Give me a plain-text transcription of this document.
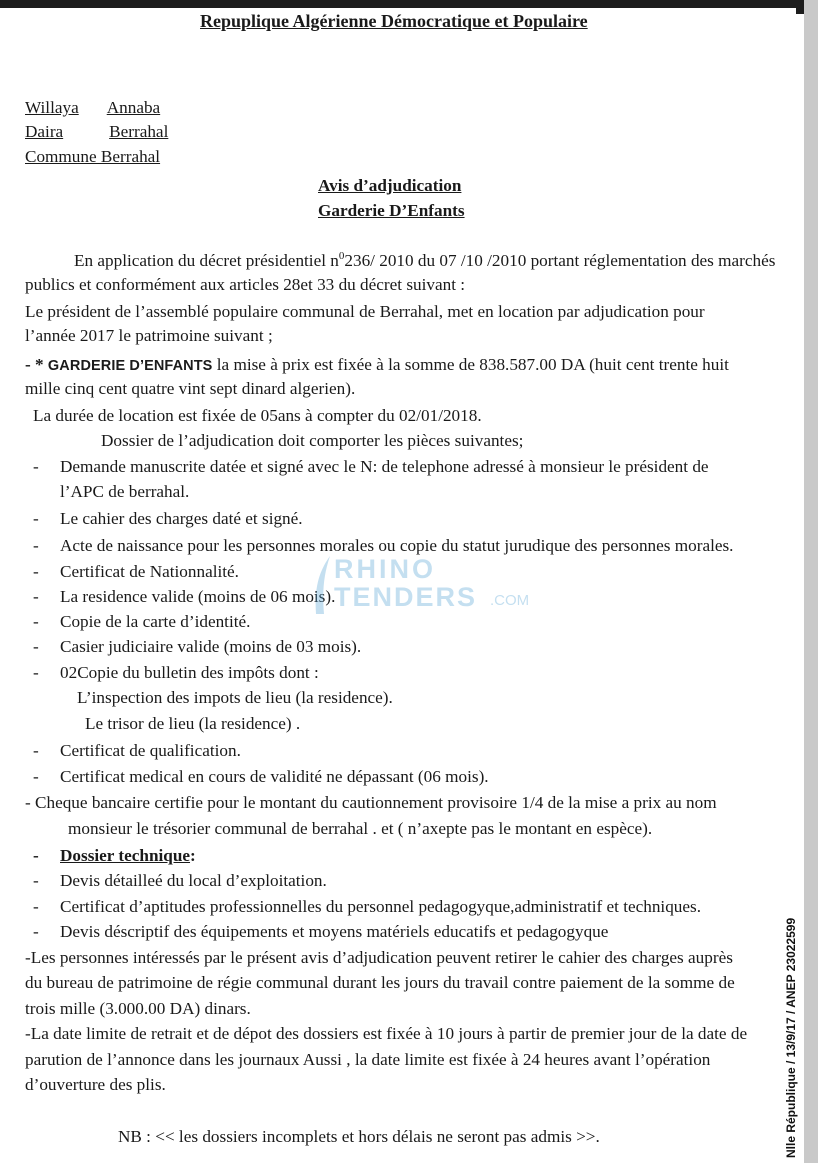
Repuplique Algérienne Démocratique et Populaire
Willaya Annaba
Daira	Berrahal
Commune Berrahal
Avis d’adjudication
Garderie D’Enfants
En application du décret présidentiel $n^0236/$ 2010 du 07 /10 /2010 portant réglementation des marchés
publics et conformément aux articles 28et 33 du décret suivant :
Le président de l’assemblé populaire communal de Berrahal, met en location par adjudication pour
l’année 2017 le patrimoine suivant ;
- * GARDERIE D’ENFANTS la mise à prix est fixée à la somme de 838.587.00 DA (huit cent trente huit
mille cinq cent quatre vint sept dinard algerien).
La durée de location est fixée de 05ans à compter du 02/01/2018.
Dossier de l’adjudication doit comporter les pièces suivantes;
- Demande manuscrite datée et signé avec le N: de telephone adressé à monsieur le président de
l’APC de berrahal.
- Le cahier des charges daté et signé.
- Acte de naissance pour les personnes morales ou copie du statut jurudique des personnes morales.
- Certificat de Nationnalité.
- La residence valide (moins de 06 mois).
- Copie de la carte d’identité.
- Casier judiciaire valide (moins de 03 mois).
- 02Copie du bulletin des impôts dont :
L’inspection des impots de lieu (la residence).
Le trisor de lieu (la residence) .
- Certificat de qualification.
- Certificat medical en cours de validité ne dépassant (06 mois).
- Cheque bancaire certifie pour le montant du cautionnement provisoire 1/4 de la mise a prix au nom
monsieur le trésorier communal de berrahal . et ( n’axepte pas le montant en espèce).
- Dossier technique:
- Devis détailleé du local d’exploitation.
- Certificat d’aptitudes professionnelles du personnel pedagogyque,administratif et techniques.
- Devis déscriptif des équipements et moyens matériels educatifs et pedagogyque
-Les personnes intéressés par le présent avis d’adjudication peuvent retirer le cahier des charges auprès
du bureau de patrimoine de régie communal durant les jours du travail contre paiement de la somme de
trois mille (3.000.00 DA) dinars.
-La date limite de retrait et de dépot des dossiers est fixée à 10 jours à partir de premier jour de la date de
parution de l’annonce dans les journaux Aussi , la date limite est fixée à 24 heures avant l’opération
d’ouverture des plis.
NB : << les dossiers incomplets et hors délais ne seront pas admis >>.
RHINO
TENDERS .COM
Nlle République / 13/9/17 / ANEP 23022599
